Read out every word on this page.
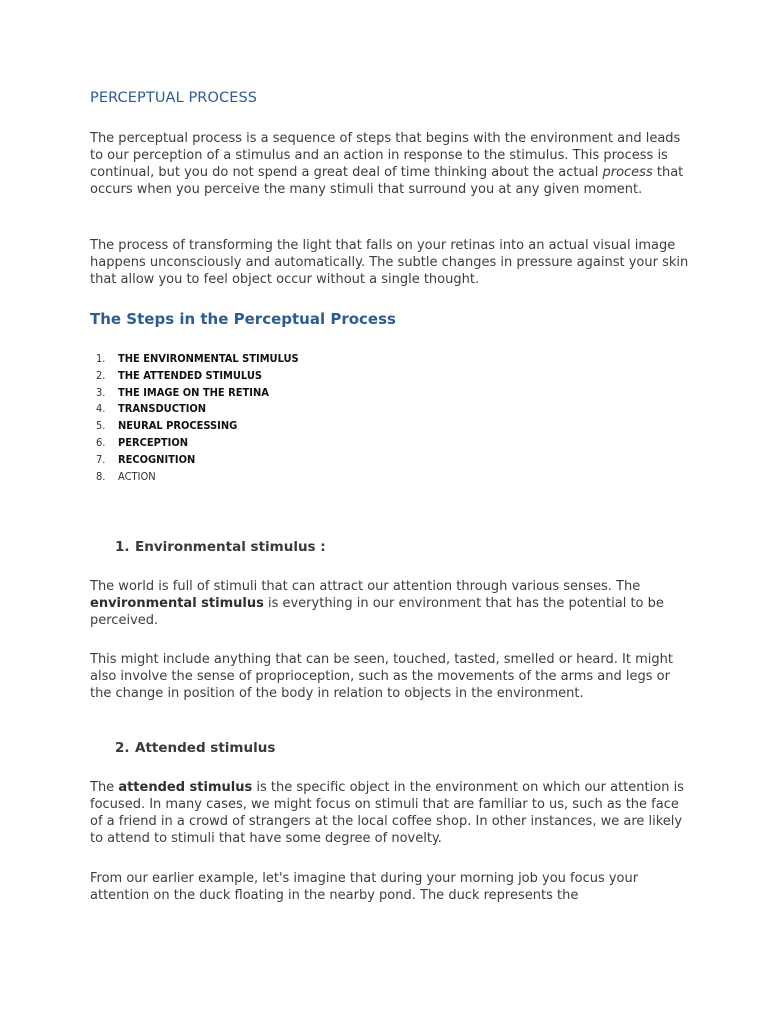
PERCEPTUAL PROCESS

The perceptual process is a sequence of steps that begins with the environment and leads to our perception of a stimulus and an action in response to the stimulus. This process is continual, but you do not spend a great deal of time thinking about the actual process that occurs when you perceive the many stimuli that surround you at any given moment.

The process of transforming the light that falls on your retinas into an actual visual image happens unconsciously and automatically. The subtle changes in pressure against your skin that allow you to feel object occur without a single thought.

The Steps in the Perceptual Process
1. THE ENVIRONMENTAL STIMULUS
2. THE ATTENDED STIMULUS
3. THE IMAGE ON THE RETINA
4. TRANSDUCTION
5. NEURAL PROCESSING
6. PERCEPTION
7. RECOGNITION
8. ACTION
1. Environmental stimulus :

The world is full of stimuli that can attract our attention through various senses. The environmental stimulus is everything in our environment that has the potential to be perceived.

This might include anything that can be seen, touched, tasted, smelled or heard. It might also involve the sense of proprioception, such as the movements of the arms and legs or the change in position of the body in relation to objects in the environment.

2. Attended stimulus

The attended stimulus is the specific object in the environment on which our attention is focused. In many cases, we might focus on stimuli that are familiar to us, such as the face of a friend in a crowd of strangers at the local coffee shop. In other instances, we are likely to attend to stimuli that have some degree of novelty.

From our earlier example, let's imagine that during your morning job you focus your attention on the duck floating in the nearby pond. The duck represents the
